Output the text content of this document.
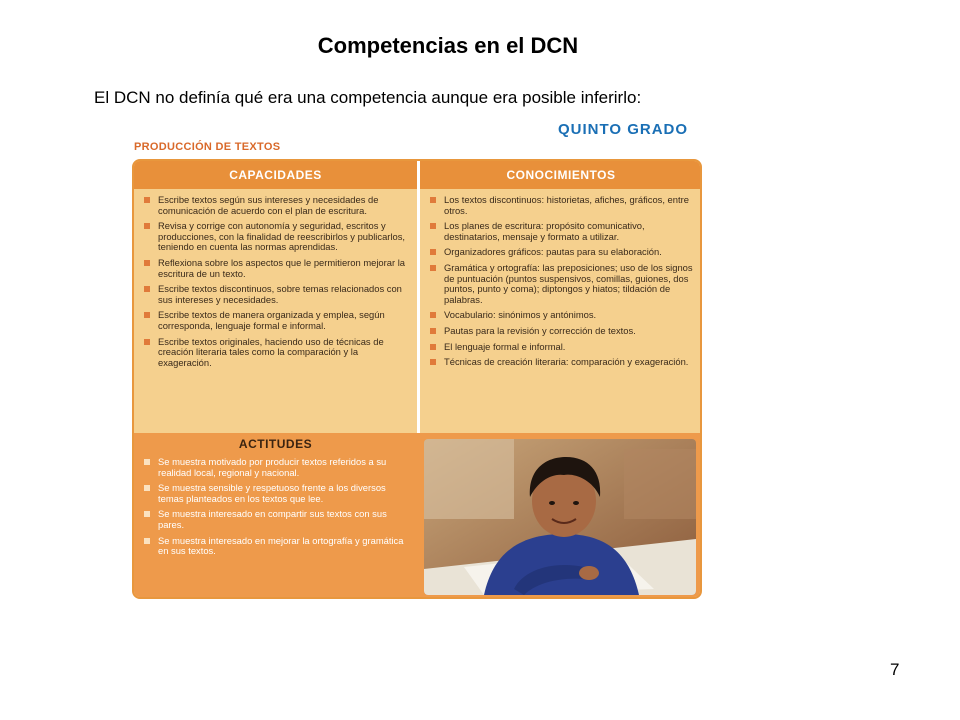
Competencias en el DCN
El DCN no definía qué era una competencia aunque era posible inferirlo:
QUINTO GRADO
PRODUCCIÓN DE TEXTOS
CAPACIDADES	CONOCIMIENTOS
Escribe textos según sus intereses y necesidades de comunicación de acuerdo con el plan de escritura.
Revisa y corrige con autonomía y seguridad, escritos y producciones, con la finalidad de reescribirlos y publicarlos, teniendo en cuenta las normas aprendidas.
Reflexiona sobre los aspectos que le permitieron mejorar la escritura de un texto.
Escribe textos discontinuos, sobre temas relacionados con sus intereses y necesidades.
Escribe textos de manera organizada y emplea, según corresponda, lenguaje formal e informal.
Escribe textos originales, haciendo uso de técnicas de creación literaria tales como la comparación y la exageración.
Los textos discontinuos: historietas, afiches, gráficos, entre otros.
Los planes de escritura: propósito comunicativo, destinatarios, mensaje y formato a utilizar.
Organizadores gráficos: pautas para su elaboración.
Gramática y ortografía: las preposiciones; uso de los signos de puntuación (puntos suspensivos, comillas, guiones, dos puntos, punto y coma); diptongos y hiatos; tildación de palabras.
Vocabulario: sinónimos y antónimos.
Pautas para la revisión y corrección de textos.
El lenguaje formal e informal.
Técnicas de creación literaria: comparación y exageración.
ACTITUDES
Se muestra motivado por producir textos referidos a su realidad local, regional y nacional.
Se muestra sensible y respetuoso frente a los diversos temas planteados en los textos que lee.
Se muestra interesado en compartir sus textos con sus pares.
Se muestra interesado en mejorar la ortografía y gramática en sus textos.
7
